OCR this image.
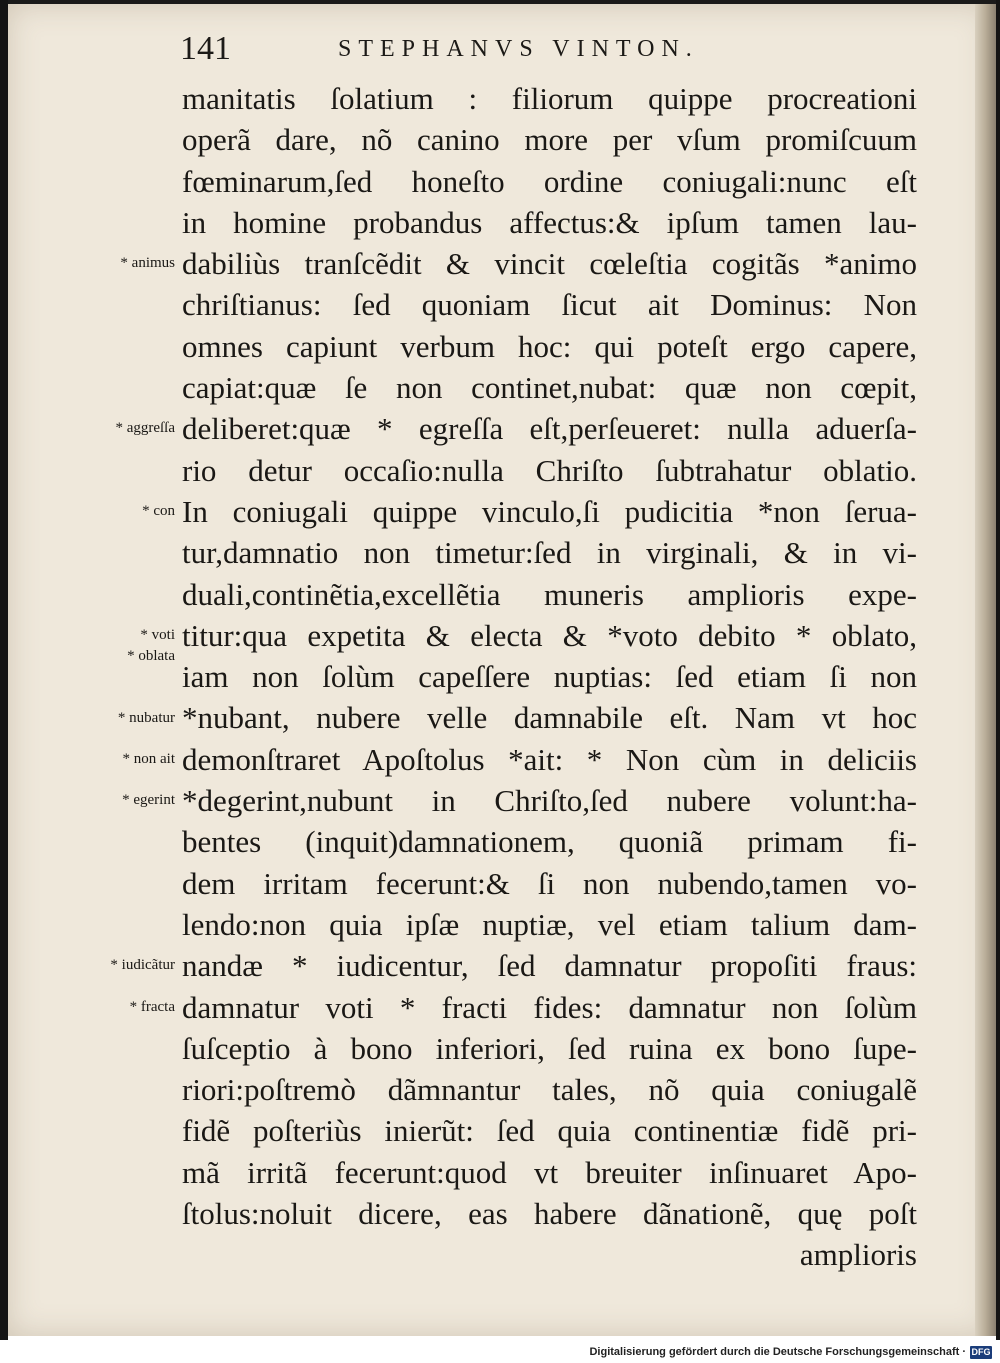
141	STEPHANVS VINTON.
manitatis ſolatium : filiorum quippe procreationi
operã dare, nõ canino more per vſum promiſcuum
fœminarum,ſed honeſto ordine coniugali:nunc eſt
in homine probandus affectus:& ipſum tamen lau-
dabiliùs tranſcẽdit & vincit cœleſtia cogitãs *animo
chriſtianus: ſed quoniam ſicut ait Dominus: Non
omnes capiunt verbum hoc: qui poteſt ergo capere,
capiat:quæ ſe non continet,nubat: quæ non cœpit,
deliberet:quæ * egreſſa eſt,perſeueret: nulla aduerſa-
rio detur occaſio:nulla Chriſto ſubtrahatur oblatio.
In coniugali quippe vinculo,ſi pudicitia *non ſerua-
tur,damnatio non timetur:ſed in virginali, & in vi-
duali,continẽtia,excellẽtia muneris amplioris expe-
titur:qua expetita & electa & *voto debito * oblato,
iam non ſolùm capeſſere nuptias: ſed etiam ſi non
*nubant, nubere velle damnabile eſt. Nam vt hoc
demonſtraret Apoſtolus *ait: * Non cùm in deliciis
*degerint,nubunt in Chriſto,ſed nubere volunt:ha-
bentes (inquit)damnationem, quoniã primam fi-
dem irritam fecerunt:& ſi non nubendo,tamen vo-
lendo:non quia ipſæ nuptiæ, vel etiam talium dam-
nandæ * iudicentur, ſed damnatur propoſiti fraus:
damnatur voti * fracti fides: damnatur non ſolùm
ſuſceptio à bono inferiori, ſed ruina ex bono ſupe-
riori:poſtremò dãmnantur tales, nõ quia coniugalẽ
fidẽ poſteriùs inierũt: ſed quia continentiæ fidẽ pri-
mã irritã fecerunt:quod vt breuiter inſinuaret Apo-
ſtolus:noluit dicere, eas habere dãnationẽ, quę poſt
amplioris
* animus
* aggreſſa
* con
* voti
* oblata
* nubatur
* non ait
* egerint
* iudicãtur
* fracta
Digitalisierung gefördert durch die Deutsche Forschungsgemeinschaft · DFG
